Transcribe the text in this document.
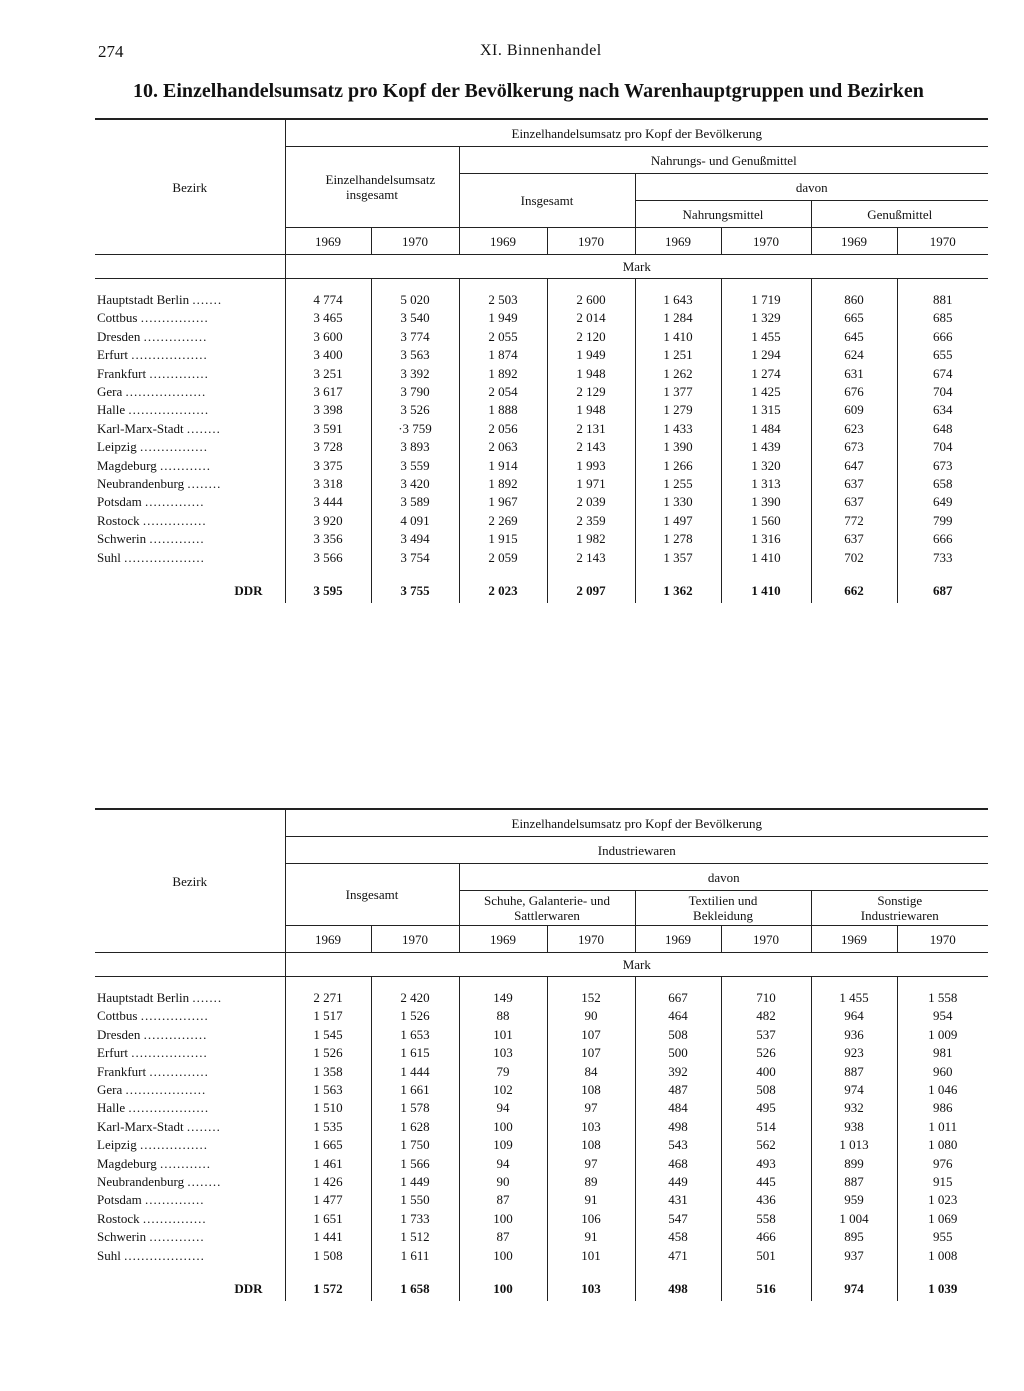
274	XI. Binnenhandel
10. Einzelhandelsumsatz pro Kopf der Bevölkerung nach Warenhauptgruppen und Bezirken
Bezirk	Einzelhandelsumsatz pro Kopf der Bevölkerung							
	Einzelhandelsumsatz insgesamt		Nahrungs- und Genußmittel					
			Insgesamt		davon			
					Nahrungsmittel		Genußmittel	
	1969	1970	1969	1970	1969	1970	1969	1970
	Mark							

Hauptstadt Berlin .......	4 774	5 020	2 503	2 600	1 643	1 719	860	881
Cottbus ................	3 465	3 540	1 949	2 014	1 284	1 329	665	685
Dresden ...............	3 600	3 774	2 055	2 120	1 410	1 455	645	666
Erfurt ..................	3 400	3 563	1 874	1 949	1 251	1 294	624	655
Frankfurt ..............	3 251	3 392	1 892	1 948	1 262	1 274	631	674
Gera ...................	3 617	3 790	2 054	2 129	1 377	1 425	676	704
Halle ...................	3 398	3 526	1 888	1 948	1 279	1 315	609	634
Karl-Marx-Stadt ........	3 591	·3 759	2 056	2 131	1 433	1 484	623	648
Leipzig ................	3 728	3 893	2 063	2 143	1 390	1 439	673	704
Magdeburg ............	3 375	3 559	1 914	1 993	1 266	1 320	647	673
Neubrandenburg ........	3 318	3 420	1 892	1 971	1 255	1 313	637	658
Potsdam ..............	3 444	3 589	1 967	2 039	1 330	1 390	637	649
Rostock ...............	3 920	4 091	2 269	2 359	1 497	1 560	772	799
Schwerin .............	3 356	3 494	1 915	1 982	1 278	1 316	637	666
Suhl ...................	3 566	3 754	2 059	2 143	1 357	1 410	702	733
DDR	3 595	3 755	2 023	2 097	1 362	1 410	662	687
Bezirk	Einzelhandelsumsatz pro Kopf der Bevölkerung							
	Industriewaren							
	Insgesamt		davon					
			Schuhe, Galanterie- und Sattlerwaren		Textilien und Bekleidung		Sonstige Industriewaren	
	1969	1970	1969	1970	1969	1970	1969	1970
	Mark							

Hauptstadt Berlin .......	2 271	2 420	149	152	667	710	1 455	1 558
Cottbus ................	1 517	1 526	88	90	464	482	964	954
Dresden ...............	1 545	1 653	101	107	508	537	936	1 009
Erfurt ..................	1 526	1 615	103	107	500	526	923	981
Frankfurt ..............	1 358	1 444	79	84	392	400	887	960
Gera ...................	1 563	1 661	102	108	487	508	974	1 046
Halle ...................	1 510	1 578	94	97	484	495	932	986
Karl-Marx-Stadt ........	1 535	1 628	100	103	498	514	938	1 011
Leipzig ................	1 665	1 750	109	108	543	562	1 013	1 080
Magdeburg ............	1 461	1 566	94	97	468	493	899	976
Neubrandenburg ........	1 426	1 449	90	89	449	445	887	915
Potsdam ..............	1 477	1 550	87	91	431	436	959	1 023
Rostock ...............	1 651	1 733	100	106	547	558	1 004	1 069
Schwerin .............	1 441	1 512	87	91	458	466	895	955
Suhl ...................	1 508	1 611	100	101	471	501	937	1 008
DDR	1 572	1 658	100	103	498	516	974	1 039
